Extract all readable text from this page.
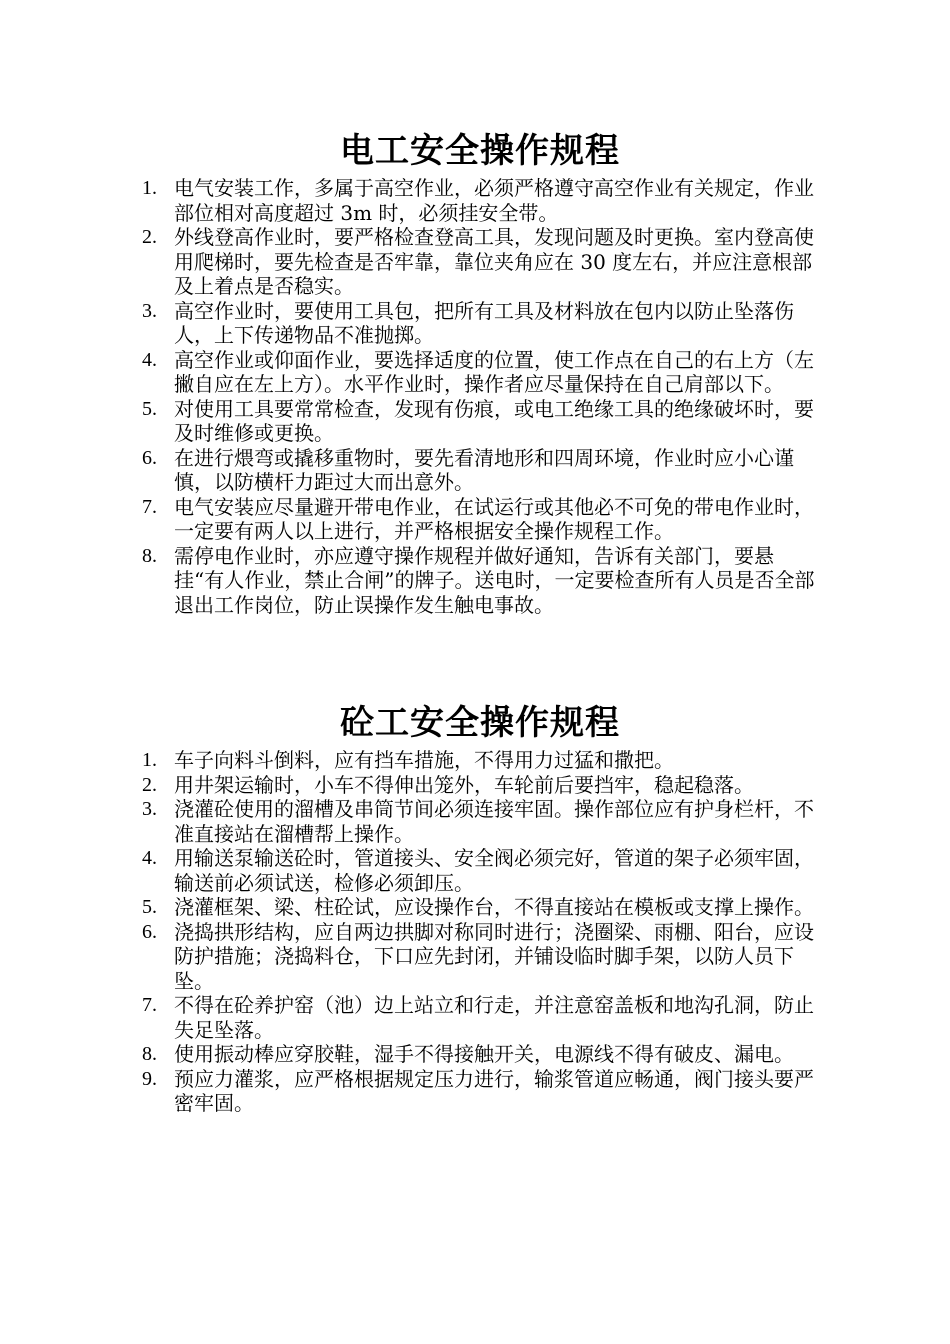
电工安全操作规程
1. 电气安装工作，多属于高空作业，必须严格遵守高空作业有关规定，作业部位相对高度超过 3m 时，必须挂安全带。
2. 外线登高作业时，要严格检查登高工具，发现问题及时更换。室内登高使用爬梯时，要先检查是否牢靠，靠位夹角应在 30 度左右，并应注意根部及上着点是否稳实。
3. 高空作业时，要使用工具包，把所有工具及材料放在包内以防止坠落伤人，上下传递物品不准抛掷。
4. 高空作业或仰面作业，要选择适度的位置，使工作点在自己的右上方（左撇自应在左上方）。水平作业时，操作者应尽量保持在自己肩部以下。
5. 对使用工具要常常检查，发现有伤痕，或电工绝缘工具的绝缘破坏时，要及时维修或更换。
6. 在进行煨弯或撬移重物时，要先看清地形和四周环境，作业时应小心谨慎，以防横杆力距过大而出意外。
7. 电气安装应尽量避开带电作业，在试运行或其他必不可免的带电作业时，一定要有两人以上进行，并严格根据安全操作规程工作。
8. 需停电作业时，亦应遵守操作规程并做好通知，告诉有关部门，要悬挂“有人作业，禁止合闸”的牌子。送电时，一定要检查所有人员是否全部退出工作岗位，防止误操作发生触电事故。
砼工安全操作规程
1. 车子向料斗倒料，应有挡车措施，不得用力过猛和撒把。
2. 用井架运输时，小车不得伸出笼外，车轮前后要挡牢，稳起稳落。
3. 浇灌砼使用的溜槽及串筒节间必须连接牢固。操作部位应有护身栏杆，不准直接站在溜槽帮上操作。
4. 用输送泵输送砼时，管道接头、安全阀必须完好，管道的架子必须牢固，输送前必须试送，检修必须卸压。
5. 浇灌框架、梁、柱砼试，应设操作台，不得直接站在模板或支撑上操作。
6. 浇捣拱形结构，应自两边拱脚对称同时进行；浇圈梁、雨棚、阳台，应设防护措施；浇捣料仓，下口应先封闭，并铺设临时脚手架，以防人员下坠。
7. 不得在砼养护窑（池）边上站立和行走，并注意窑盖板和地沟孔洞，防止失足坠落。
8. 使用振动棒应穿胶鞋，湿手不得接触开关，电源线不得有破皮、漏电。
9. 预应力灌浆，应严格根据规定压力进行，输浆管道应畅通，阀门接头要严密牢固。
